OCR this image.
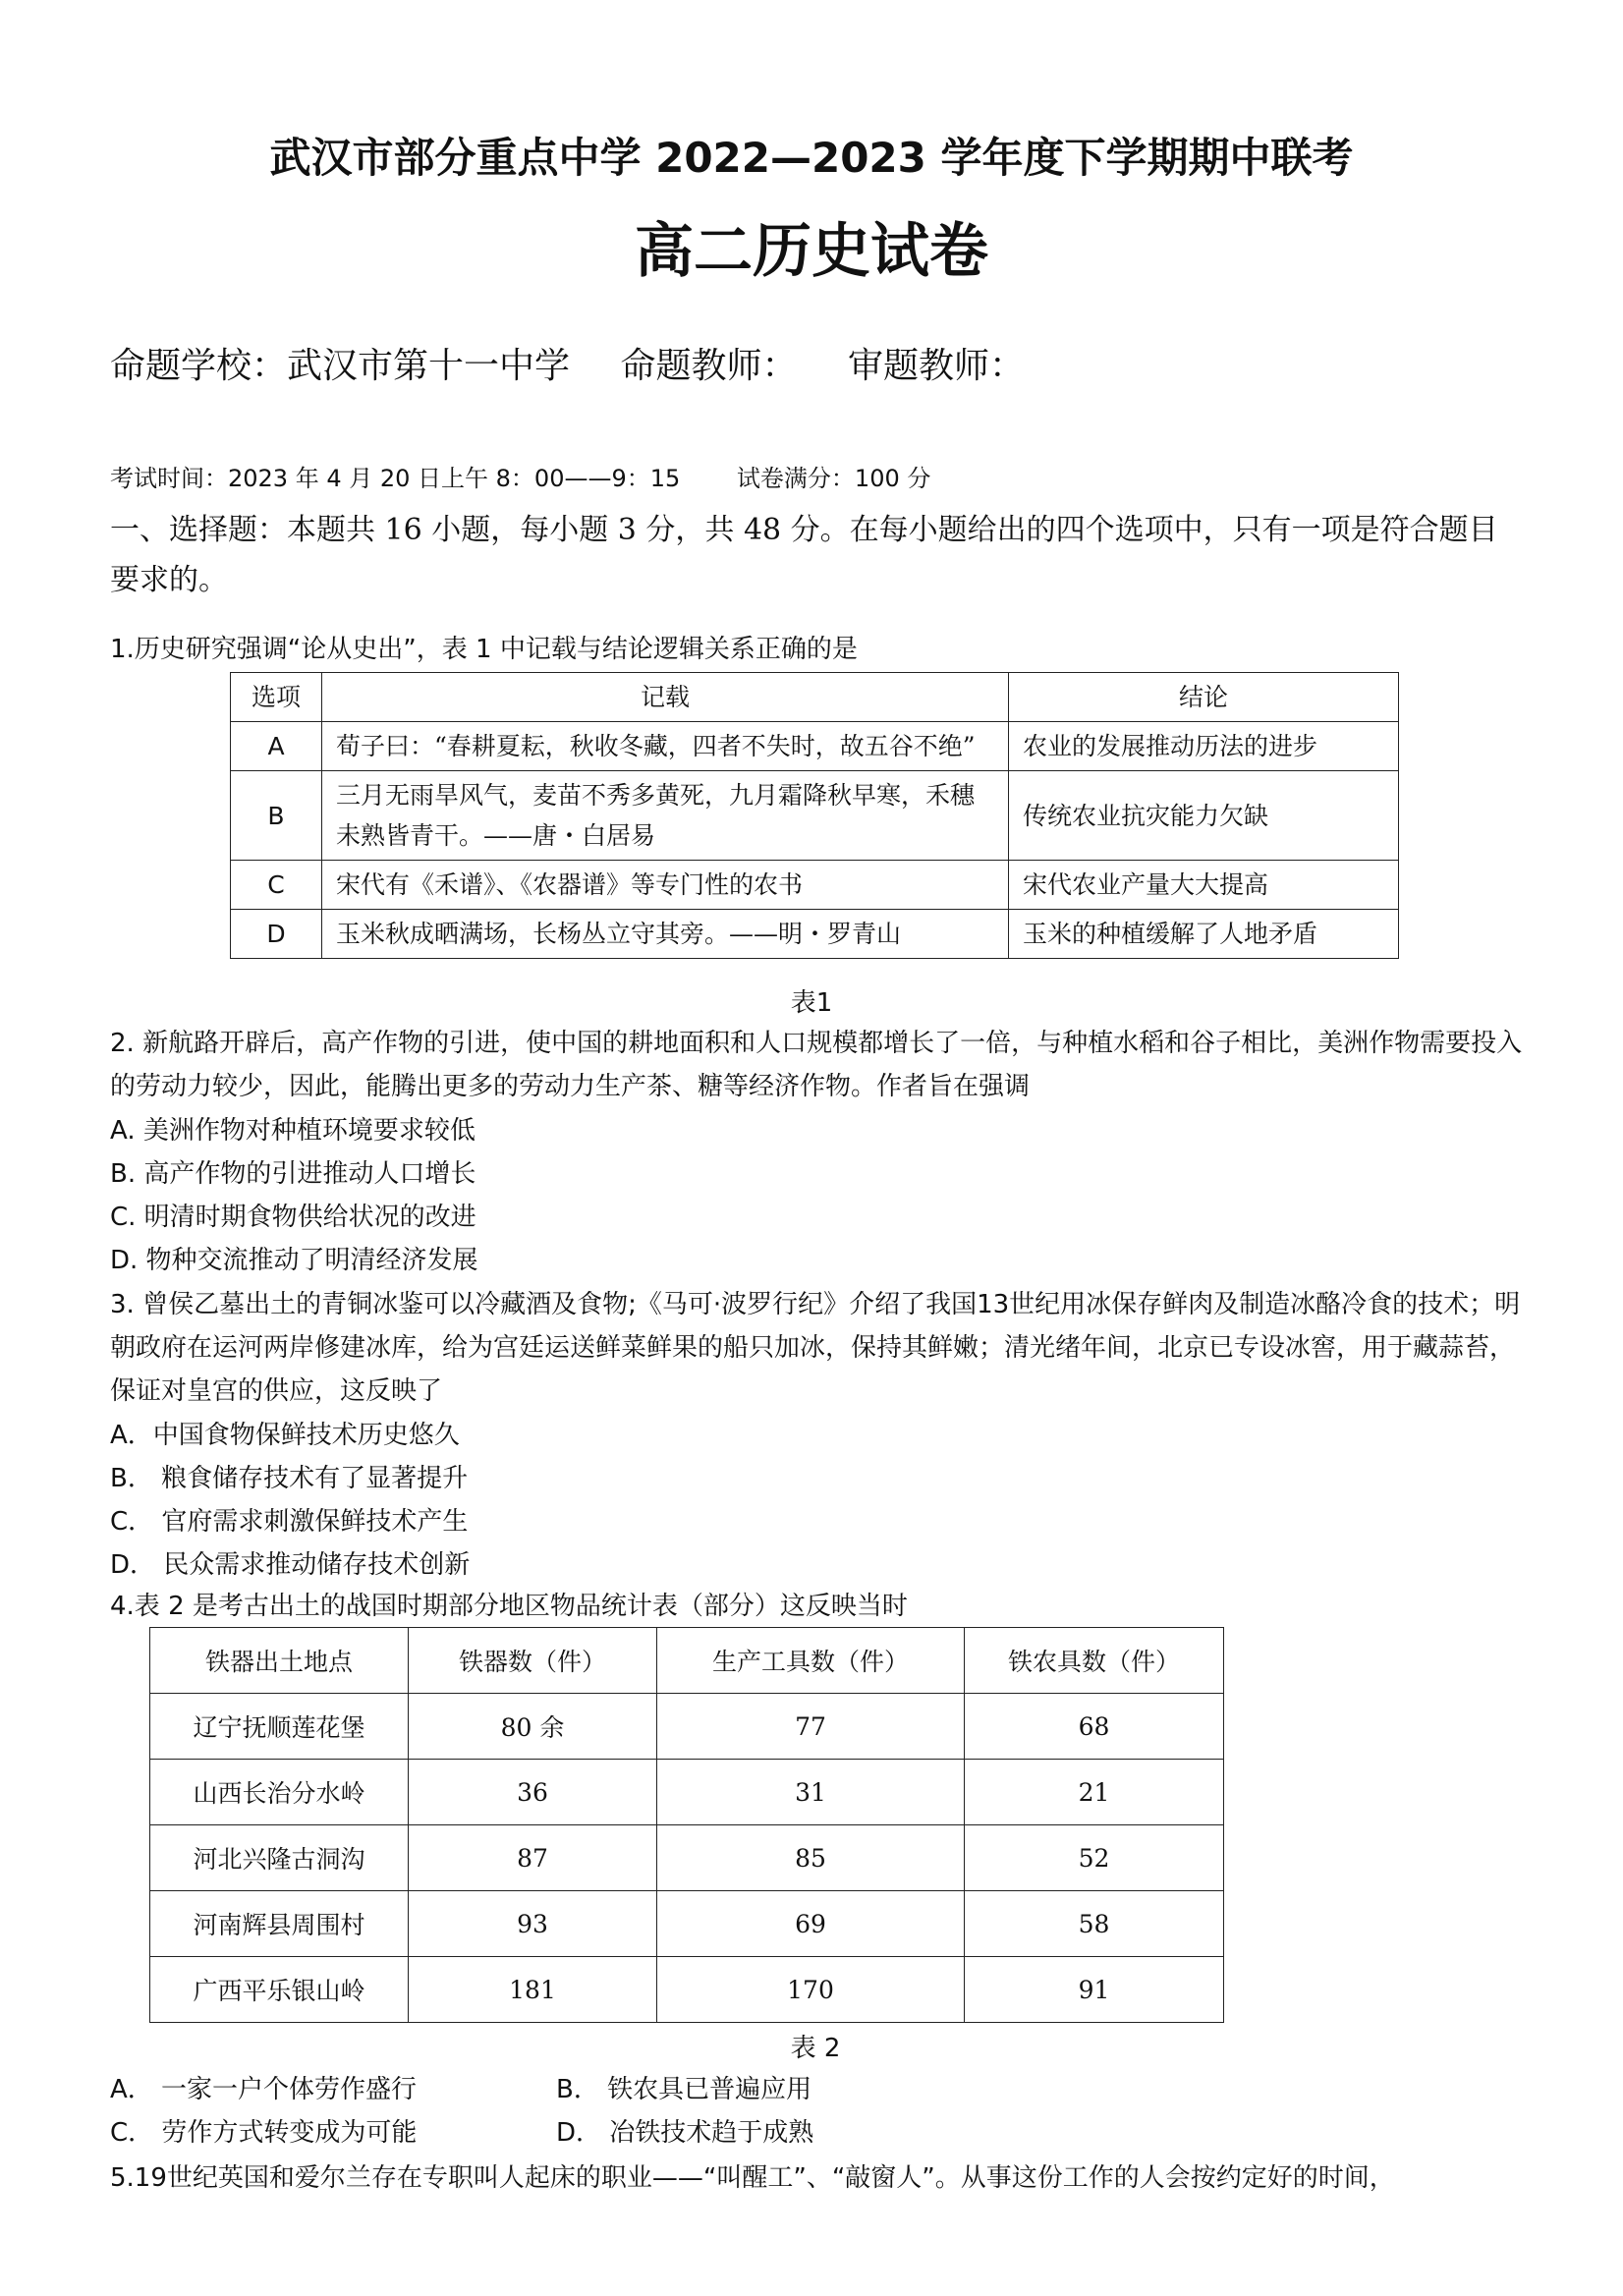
武汉市部分重点中学 2022—2023 学年度下学期期中联考
高二历史试卷
命题学校：武汉市第十一中学 命题教师： 审题教师：
考试时间：2023 年 4 月 20 日上午 8：00——9：15 试卷满分：100 分
一、选择题：本题共 16 小题，每小题 3 分，共 48 分。在每小题给出的四个选项中，只有一项是符合题目要求的。
1.历史研究强调“论从史出”，表 1 中记载与结论逻辑关系正确的是
选项	记载	结论
A	荀子曰：“春耕夏耘，秋收冬藏，四者不失时，故五谷不绝”	农业的发展推动历法的进步
B	三月无雨旱风气，麦苗不秀多黄死，九月霜降秋早寒，禾穗未熟皆青干。——唐・白居易	传统农业抗灾能力欠缺
C	宋代有《禾谱》、《农器谱》等专门性的农书	宋代农业产量大大提高
D	玉米秋成晒满场，长杨丛立守其旁。——明・罗青山	玉米的种植缓解了人地矛盾
表1
2. 新航路开辟后，高产作物的引进，使中国的耕地面积和人口规模都增长了一倍，与种植水稻和谷子相比，美洲作物需要投入的劳动力较少，因此，能腾出更多的劳动力生产茶、糖等经济作物。作者旨在强调
A. 美洲作物对种植环境要求较低
B. 高产作物的引进推动人口增长
C. 明清时期食物供给状况的改进
D. 物种交流推动了明清经济发展
3. 曾侯乙墓出土的青铜冰鉴可以冷藏酒及食物;《马可·波罗行纪》介绍了我国13世纪用冰保存鲜肉及制造冰酪冷食的技术；明朝政府在运河两岸修建冰库，给为宫廷运送鲜菜鲜果的船只加冰，保持其鲜嫩；清光绪年间，北京已专设冰窖，用于藏蒜苔，保证对皇宫的供应，这反映了
A．中国食物保鲜技术历史悠久
B． 粮食储存技术有了显著提升
C． 官府需求刺激保鲜技术产生
D． 民众需求推动储存技术创新
4.表 2 是考古出土的战国时期部分地区物品统计表（部分）这反映当时
铁器出土地点	铁器数（件）	生产工具数（件）	铁农具数（件）
辽宁抚顺莲花堡	80 余	77	68
山西长治分水岭	36	31	21
河北兴隆古洞沟	87	85	52
河南辉县周围村	93	69	58
广西平乐银山岭	181	170	91
表 2
A． 一家一户个体劳作盛行	B． 铁农具已普遍应用
C． 劳作方式转变成为可能	D． 冶铁技术趋于成熟
5.19世纪英国和爱尔兰存在专职叫人起床的职业——“叫醒工”、“敲窗人”。从事这份工作的人会按约定好的时间，
